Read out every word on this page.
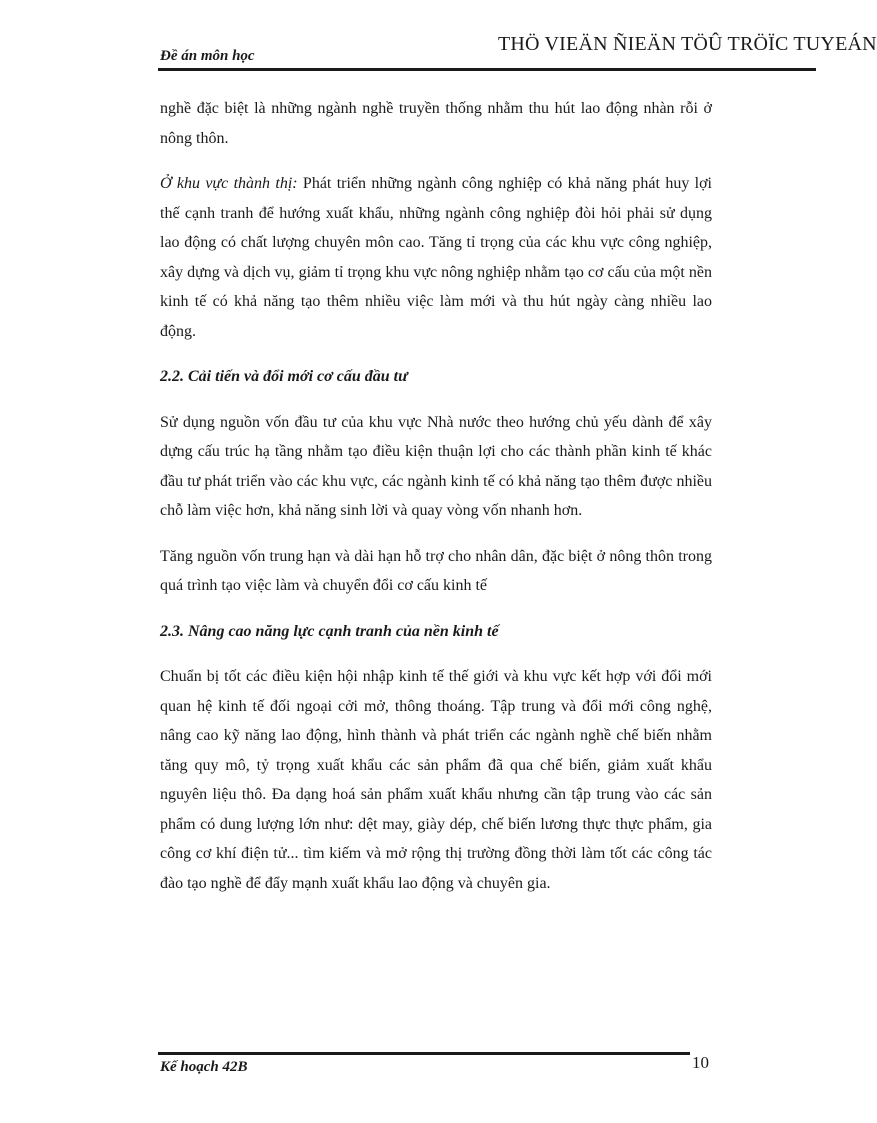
Đề án môn học
THÖ VIEÄN ÑIEÄN TÖÛ TRÖÏC TUYEÁN

nghề đặc biệt là những ngành nghề truyền thống nhằm thu hút lao động nhàn rỗi ở nông thôn.

Ở khu vực thành thị: Phát triển những ngành công nghiệp có khả năng phát huy lợi thế cạnh tranh để hướng xuất khẩu, những ngành công nghiệp đòi hỏi phải sử dụng lao động có chất lượng chuyên môn cao. Tăng tỉ trọng của các khu vực công nghiệp, xây dựng và dịch vụ, giảm tỉ trọng khu vực nông nghiệp nhằm tạo cơ cấu của một nền kinh tế có khả năng tạo thêm nhiều việc làm mới và thu hút ngày càng nhiều lao động.

2.2. Cải tiến và đổi mới cơ cấu đầu tư

Sử dụng nguồn vốn đầu tư của khu vực Nhà nước theo hướng chủ yếu dành để xây dựng cấu trúc hạ tầng nhằm tạo điều kiện thuận lợi cho các thành phần kinh tế khác đầu tư phát triển vào các khu vực, các ngành kinh tế có khả năng tạo thêm được nhiều chỗ làm việc hơn, khả năng sinh lời và quay vòng vốn nhanh hơn.

Tăng nguồn vốn trung hạn và dài hạn hỗ trợ cho nhân dân, đặc biệt ở nông thôn trong quá trình tạo việc làm và chuyển đổi cơ cấu kinh tế

2.3. Nâng cao năng lực cạnh tranh của nền kinh tế

Chuẩn bị tốt các điều kiện hội nhập kinh tế thế giới và khu vực kết hợp với đổi mới quan hệ kinh tế đối ngoại cởi mở, thông thoáng. Tập trung và đổi mới công nghệ, nâng cao kỹ năng lao động, hình thành và phát triển các ngành nghề chế biến nhằm tăng quy mô, tỷ trọng xuất khẩu các sản phẩm đã qua chế biến, giảm xuất khẩu nguyên liệu thô. Đa dạng hoá sản phẩm xuất khẩu nhưng cần tập trung vào các sản phẩm có dung lượng lớn như: dệt may, giày dép, chế biến lương thực thực phẩm, gia công cơ khí điện tử... tìm kiếm và mở rộng thị trường đồng thời làm tốt các công tác đào tạo nghề để đẩy mạnh xuất khẩu lao động và chuyên gia.

Kế hoạch 42B	10
